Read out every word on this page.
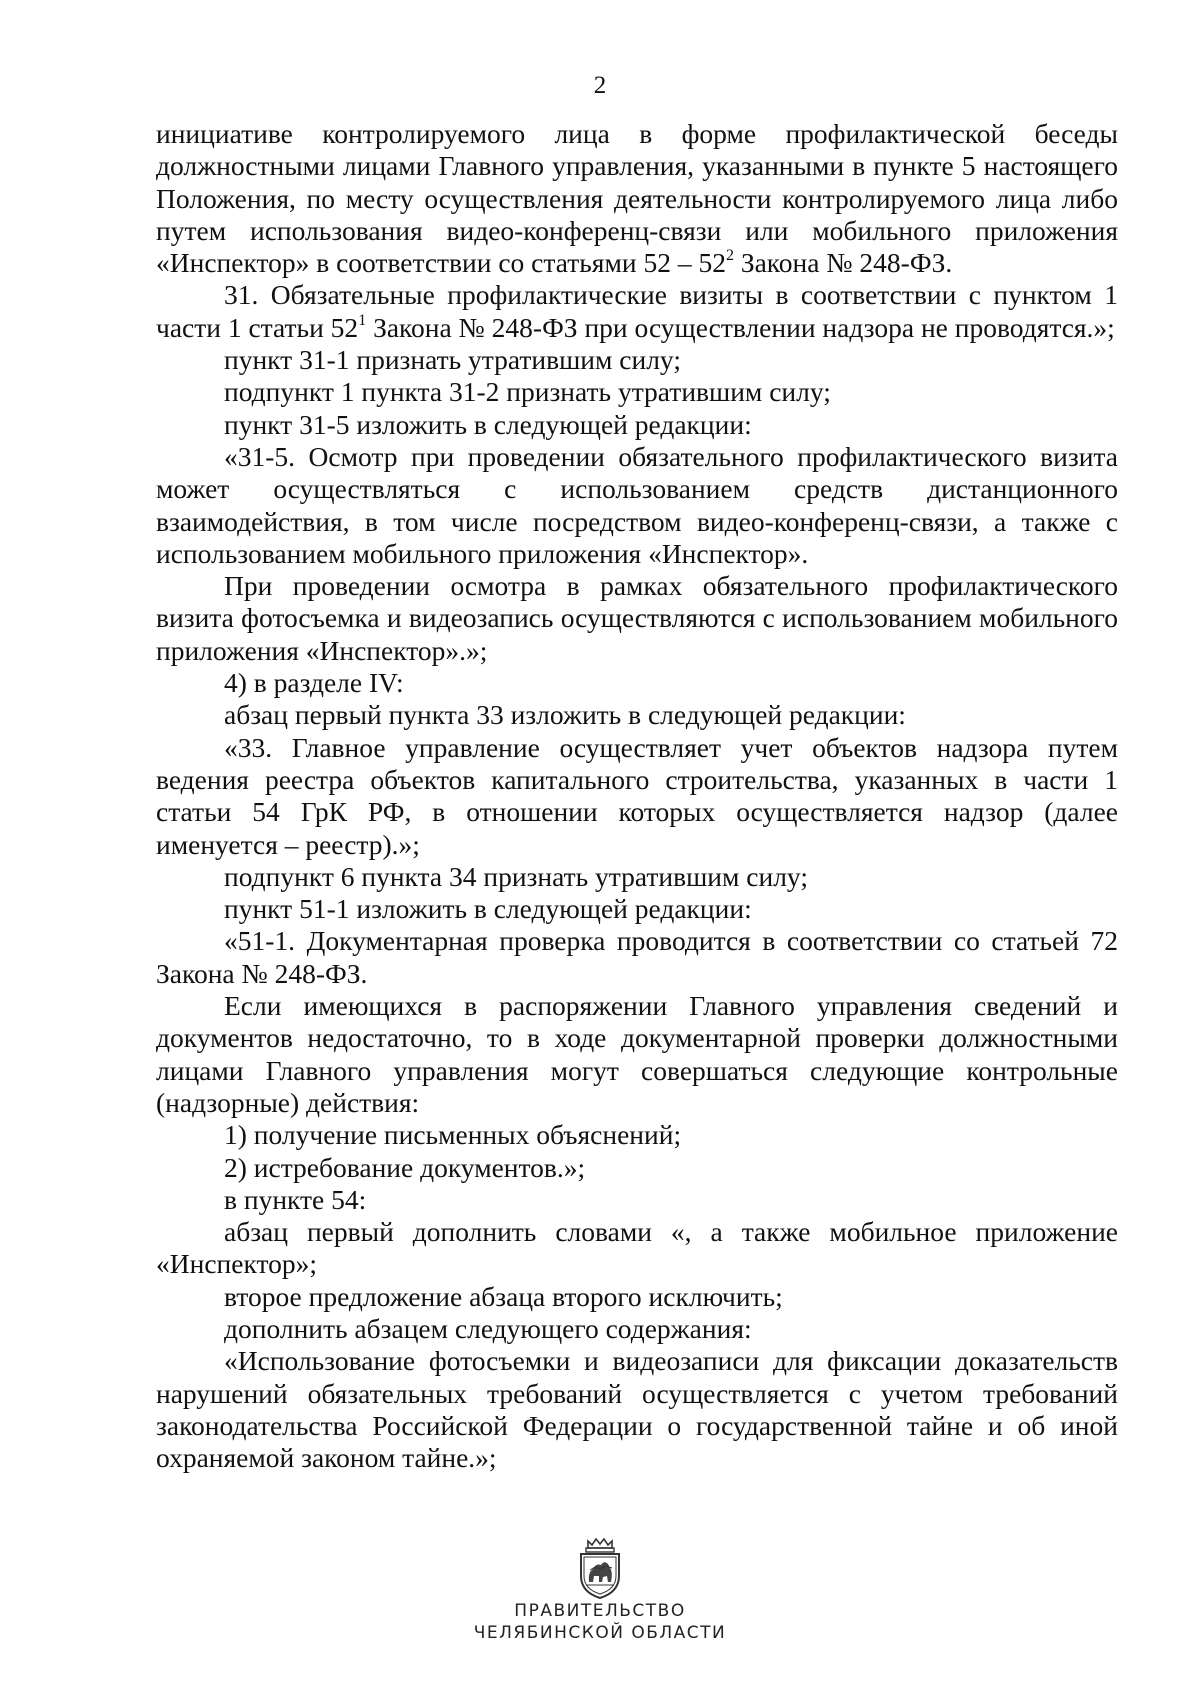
2

инициативе контролируемого лица в форме профилактической беседы должностными лицами Главного управления, указанными в пункте 5 настоящего Положения, по месту осуществления деятельности контролируемого лица либо путем использования видео-конференц-связи или мобильного приложения «Инспектор» в соответствии со статьями $52 - 52^2$ Закона № 248-ФЗ.

31. Обязательные профилактические визиты в соответствии с пунктом 1 части 1 статьи $52^1$ Закона № 248-ФЗ при осуществлении надзора не проводятся.»;

пункт 31-1 признать утратившим силу;

подпункт 1 пункта 31-2 признать утратившим силу;

пункт 31-5 изложить в следующей редакции:

«31-5. Осмотр при проведении обязательного профилактического визита может осуществляться с использованием средств дистанционного взаимодействия, в том числе посредством видео-конференц-связи, а также с использованием мобильного приложения «Инспектор».

При проведении осмотра в рамках обязательного профилактического визита фотосъемка и видеозапись осуществляются с использованием мобильного приложения «Инспектор».»;

4) в разделе IV:

абзац первый пункта 33 изложить в следующей редакции:

«33. Главное управление осуществляет учет объектов надзора путем ведения реестра объектов капитального строительства, указанных в части 1 статьи 54 ГрК РФ, в отношении которых осуществляется надзор (далее именуется – реестр).»;

подпункт 6 пункта 34 признать утратившим силу;

пункт 51-1 изложить в следующей редакции:

«51-1. Документарная проверка проводится в соответствии со статьей 72 Закона № 248-ФЗ.

Если имеющихся в распоряжении Главного управления сведений и документов недостаточно, то в ходе документарной проверки должностными лицами Главного управления могут совершаться следующие контрольные (надзорные) действия:

1) получение письменных объяснений;

2) истребование документов.»;

в пункте 54:

абзац первый дополнить словами «, а также мобильное приложение «Инспектор»;

второе предложение абзаца второго исключить;

дополнить абзацем следующего содержания:

«Использование фотосъемки и видеозаписи для фиксации доказательств нарушений обязательных требований осуществляется с учетом требований законодательства Российской Федерации о государственной тайне и об иной охраняемой законом тайне.»;

ПРАВИТЕЛЬСТВО
ЧЕЛЯБИНСКОЙ ОБЛАСТИ
